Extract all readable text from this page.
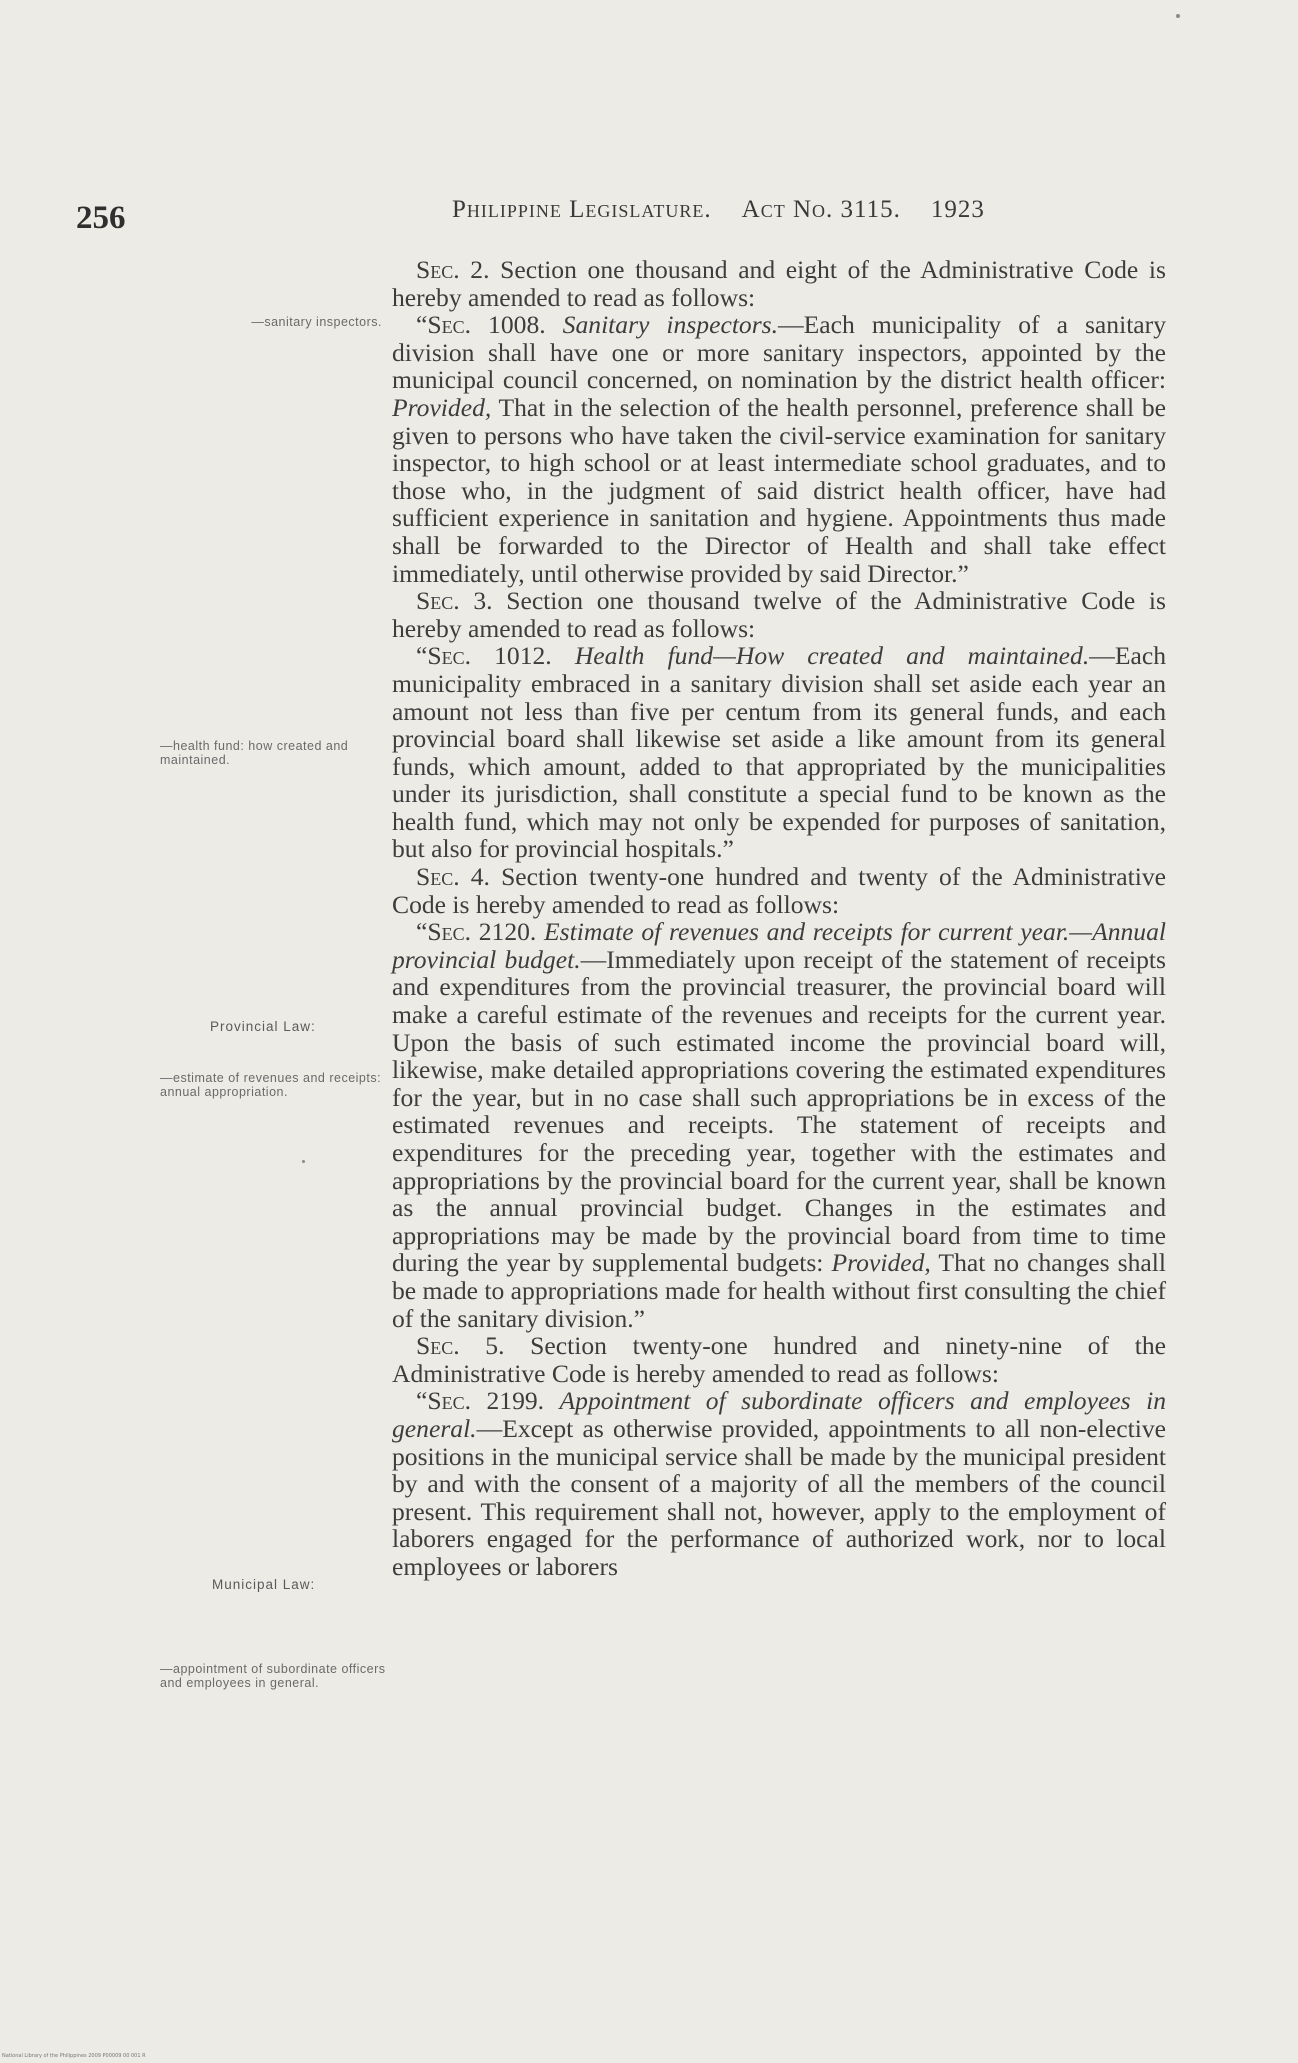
256	Philippine Legislature. Act No. 3115. 1923
—sanitary inspectors.
—health fund: how created and maintained.
Provincial Law:
—estimate of revenues and receipts: annual appropriation.
Municipal Law:
—appointment of subordinate officers and employees in general.

Sec. 2. Section one thousand and eight of the Administrative Code is hereby amended to read as follows:

“Sec. 1008. Sanitary inspectors.—Each municipality of a sanitary division shall have one or more sanitary inspectors, appointed by the municipal council concerned, on nomination by the district health officer: Provided, That in the selection of the health personnel, preference shall be given to persons who have taken the civil-service examination for sanitary inspector, to high school or at least intermediate school graduates, and to those who, in the judgment of said district health officer, have had sufficient experience in sanitation and hygiene. Appointments thus made shall be forwarded to the Director of Health and shall take effect immediately, until otherwise provided by said Director.”

Sec. 3. Section one thousand twelve of the Administrative Code is hereby amended to read as follows:

“Sec. 1012. Health fund—How created and maintained.—Each municipality embraced in a sanitary division shall set aside each year an amount not less than five per centum from its general funds, and each provincial board shall likewise set aside a like amount from its general funds, which amount, added to that appropriated by the municipalities under its jurisdiction, shall constitute a special fund to be known as the health fund, which may not only be expended for purposes of sanitation, but also for provincial hospitals.”

Sec. 4. Section twenty-one hundred and twenty of the Administrative Code is hereby amended to read as follows:

“Sec. 2120. Estimate of revenues and receipts for current year.—Annual provincial budget.—Immediately upon receipt of the statement of receipts and expenditures from the provincial treasurer, the provincial board will make a careful estimate of the revenues and receipts for the current year. Upon the basis of such estimated income the provincial board will, likewise, make detailed appropriations covering the estimated expenditures for the year, but in no case shall such appropriations be in excess of the estimated revenues and receipts. The statement of receipts and expenditures for the preceding year, together with the estimates and appropriations by the provincial board for the current year, shall be known as the annual provincial budget. Changes in the estimates and appropriations may be made by the provincial board from time to time during the year by supplemental budgets: Provided, That no changes shall be made to appropriations made for health without first consulting the chief of the sanitary division.”

Sec. 5. Section twenty-one hundred and ninety-nine of the Administrative Code is hereby amended to read as follows:

“Sec. 2199. Appointment of subordinate officers and employees in general.—Except as otherwise provided, appointments to all non-elective positions in the municipal service shall be made by the municipal president by and with the consent of a majority of all the members of the council present. This requirement shall not, however, apply to the employment of laborers engaged for the performance of authorized work, nor to local employees or laborers

National Library of the Philippines 2009 P00009 00 001 R
